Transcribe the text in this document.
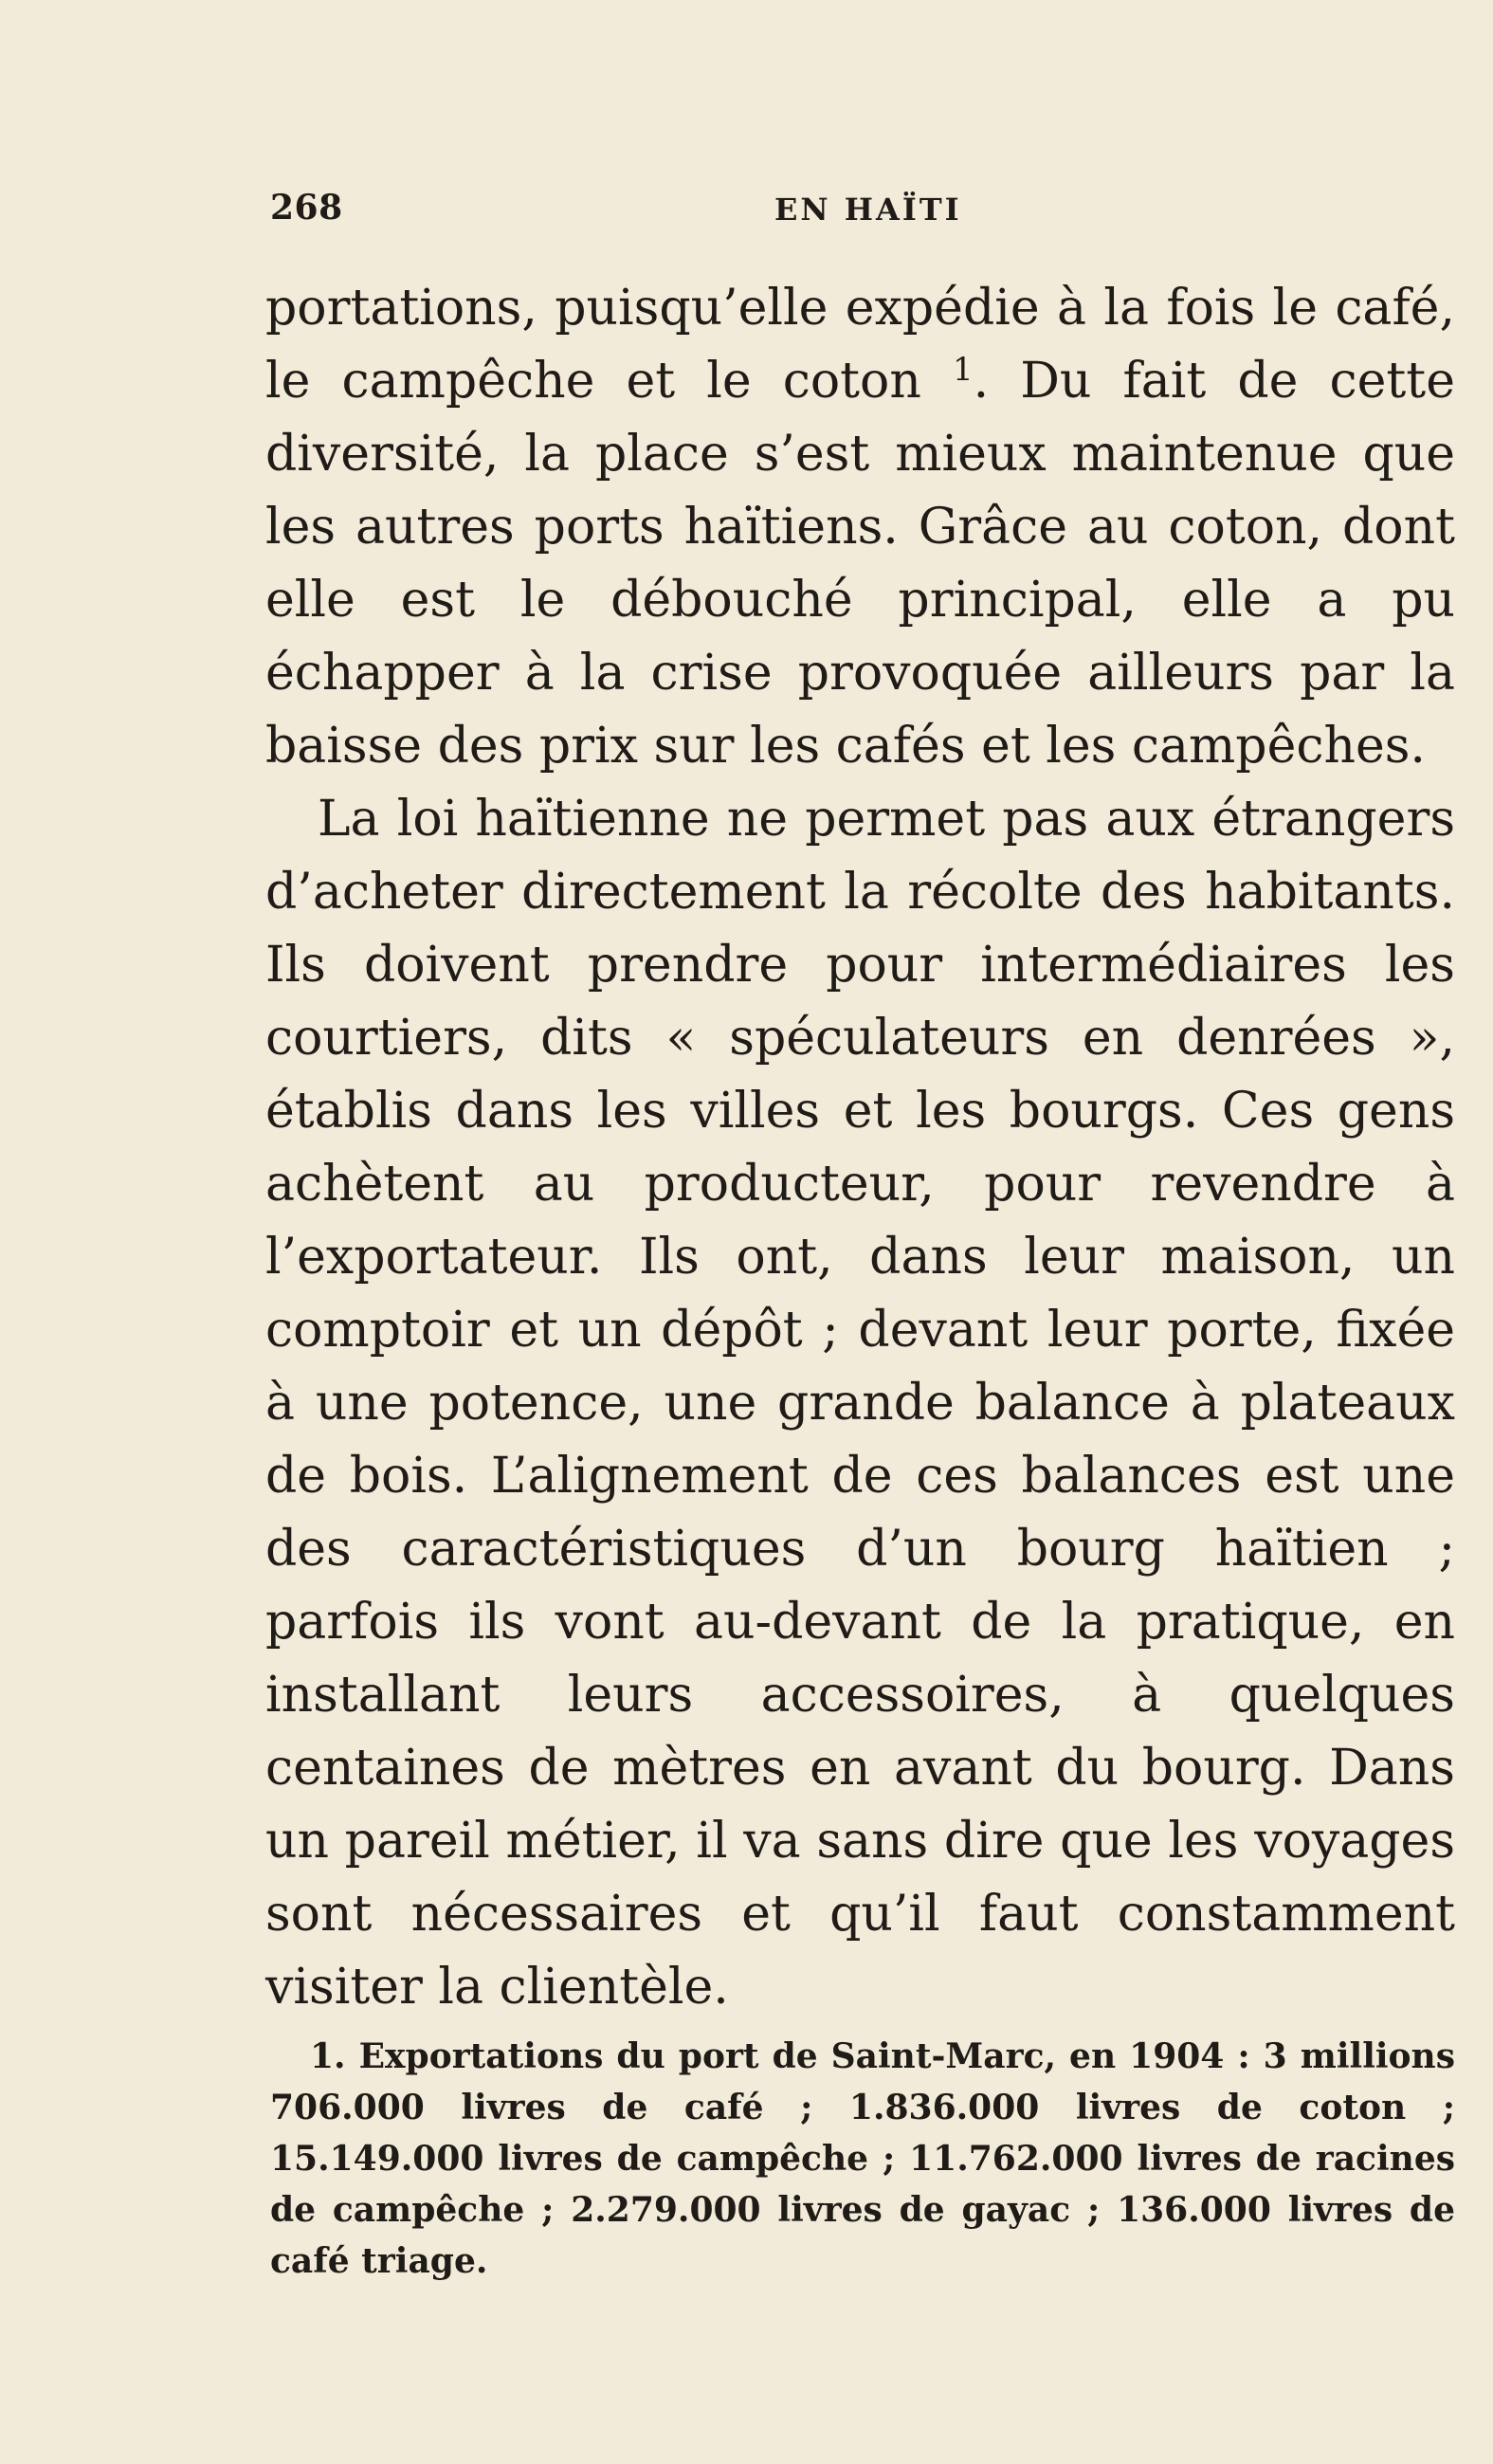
268	EN HAÏTI

portations, puisqu’elle expédie à la fois le café, le campêche et le coton $^1$. Du fait de cette diversité, la place s’est mieux maintenue que les autres ports haïtiens. Grâce au coton, dont elle est le débouché principal, elle a pu échapper à la crise provoquée ailleurs par la baisse des prix sur les cafés et les campêches.

La loi haïtienne ne permet pas aux étrangers d’acheter directement la récolte des habitants. Ils doivent prendre pour intermédiaires les courtiers, dits « spéculateurs en denrées », établis dans les villes et les bourgs. Ces gens achètent au producteur, pour revendre à l’exportateur. Ils ont, dans leur maison, un comptoir et un dépôt ; devant leur porte, fixée à une potence, une grande balance à plateaux de bois. L’alignement de ces balances est une des caractéristiques d’un bourg haïtien ; parfois ils vont au-devant de la pratique, en installant leurs accessoires, à quelques centaines de mètres en avant du bourg. Dans un pareil métier, il va sans dire que les voyages sont nécessaires et qu’il faut constamment visiter la clientèle.

1. Exportations du port de Saint-Marc, en 1904 : 3 millions 706.000 livres de café ; 1.836.000 livres de coton ; 15.149.000 livres de campêche ; 11.762.000 livres de racines de campêche ; 2.279.000 livres de gayac ; 136.000 livres de café triage.
